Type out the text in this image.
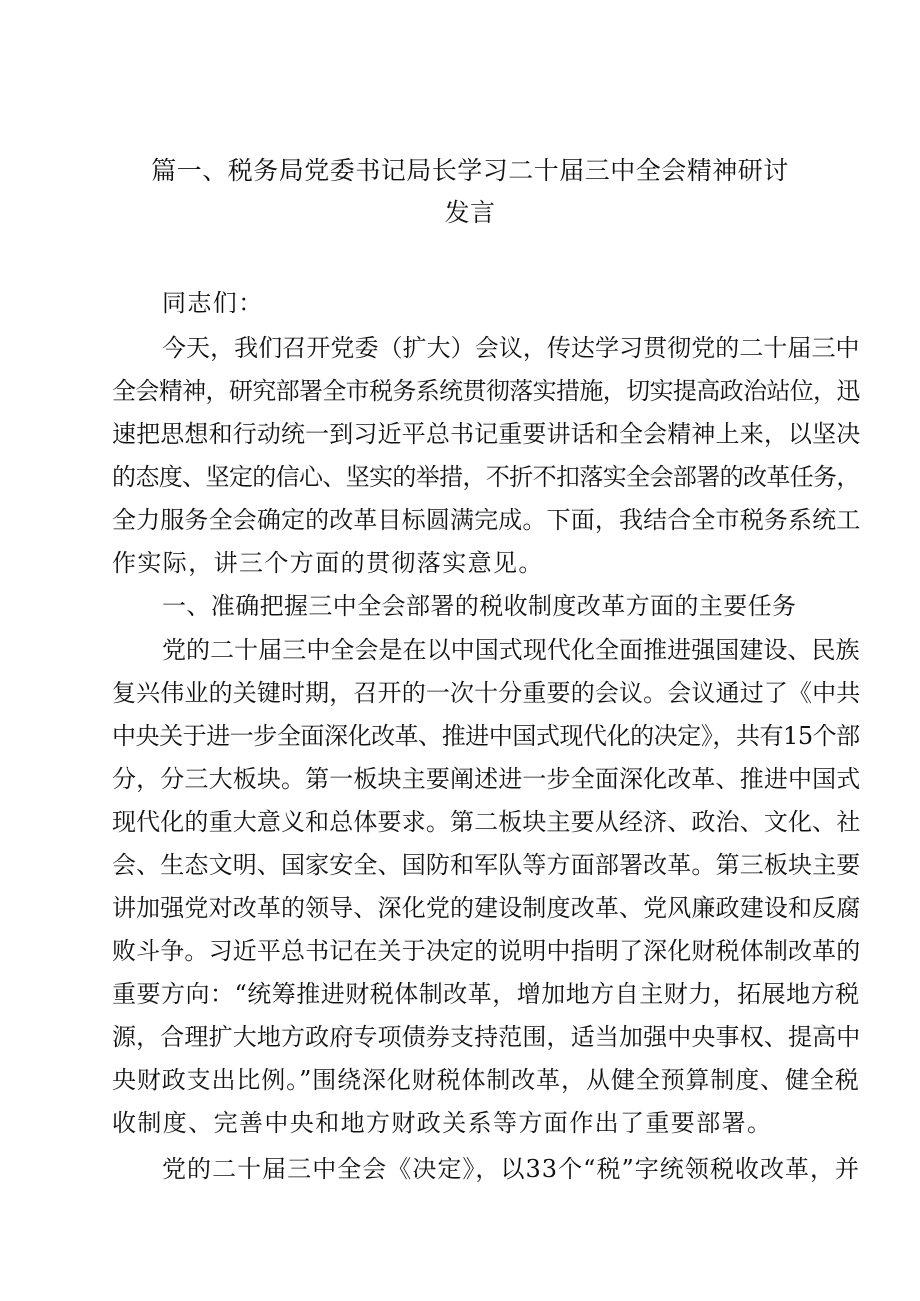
篇一、税务局党委书记局长学习二十届三中全会精神研讨
发言
同志们：
今天，我们召开党委（扩大）会议，传达学习贯彻党的二十届三中
全会精神，研究部署全市税务系统贯彻落实措施，切实提高政治站位，迅
速把思想和行动统一到习近平总书记重要讲话和全会精神上来，以坚决
的态度、坚定的信心、坚实的举措，不折不扣落实全会部署的改革任务，
全力服务全会确定的改革目标圆满完成。下面，我结合全市税务系统工
作实际，讲三个方面的贯彻落实意见。
一、准确把握三中全会部署的税收制度改革方面的主要任务
党的二十届三中全会是在以中国式现代化全面推进强国建设、民族
复兴伟业的关键时期，召开的一次十分重要的会议。会议通过了《中共
中央关于进一步全面深化改革、推进中国式现代化的决定》，共有15个部
分，分三大板块。第一板块主要阐述进一步全面深化改革、推进中国式
现代化的重大意义和总体要求。第二板块主要从经济、政治、文化、社
会、生态文明、国家安全、国防和军队等方面部署改革。第三板块主要
讲加强党对改革的领导、深化党的建设制度改革、党风廉政建设和反腐
败斗争。习近平总书记在关于决定的说明中指明了深化财税体制改革的
重要方向：“统筹推进财税体制改革，增加地方自主财力，拓展地方税
源，合理扩大地方政府专项债券支持范围，适当加强中央事权、提高中
央财政支出比例。”围绕深化财税体制改革，从健全预算制度、健全税
收制度、完善中央和地方财政关系等方面作出了重要部署。
党的二十届三中全会《决定》，以33个“税”字统领税收改革，并
